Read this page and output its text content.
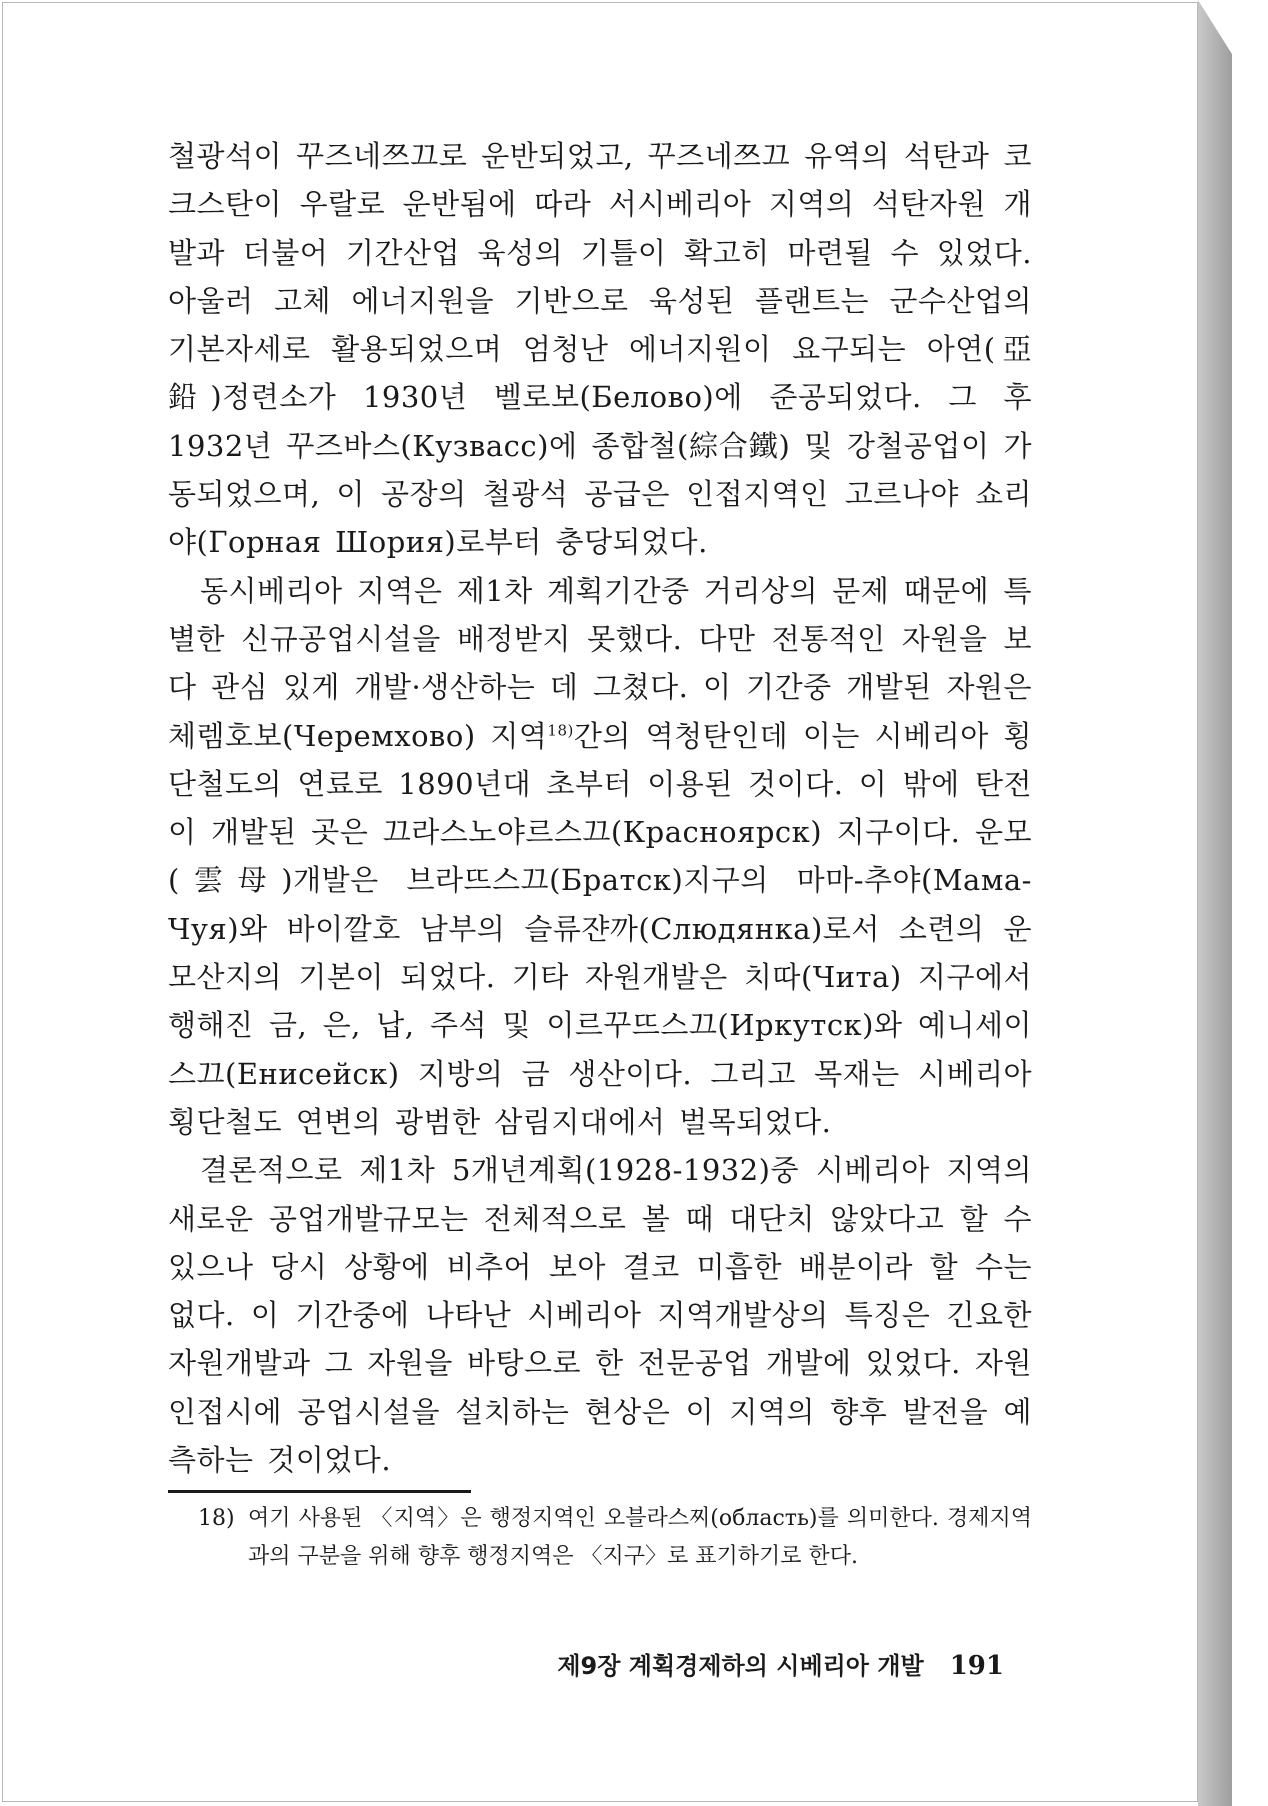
철광석이 꾸즈네쯔끄로 운반되었고, 꾸즈네쯔끄 유역의 석탄과 코크스탄이 우랄로 운반됨에 따라 서시베리아 지역의 석탄자원 개발과 더불어 기간산업 육성의 기틀이 확고히 마련될 수 있었다. 아울러 고체 에너지원을 기반으로 육성된 플랜트는 군수산업의 기본자세로 활용되었으며 엄청난 에너지원이 요구되는 아연(亞鉛)정련소가 1930년 벨로보(Белово)에 준공되었다. 그 후 1932년 꾸즈바스(Кузвасс)에 종합철(綜合鐵) 및 강철공업이 가동되었으며, 이 공장의 철광석 공급은 인접지역인 고르나야 쇼리야(Горная Шория)로부터 충당되었다.

동시베리아 지역은 제1차 계획기간중 거리상의 문제 때문에 특별한 신규공업시설을 배정받지 못했다. 다만 전통적인 자원을 보다 관심 있게 개발·생산하는 데 그쳤다. 이 기간중 개발된 자원은 체렘호보(Черемхово) 지역$^{18)}$간의 역청탄인데 이는 시베리아 횡단철도의 연료로 1890년대 초부터 이용된 것이다. 이 밖에 탄전이 개발된 곳은 끄라스노야르스끄(Красноярск) 지구이다. 운모(雲母)개발은 브라뜨스끄(Братск)지구의 마마-추야(Мама-Чуя)와 바이깔호 남부의 슬류쟌까(Слюдянка)로서 소련의 운모산지의 기본이 되었다. 기타 자원개발은 치따(Чита) 지구에서 행해진 금, 은, 납, 주석 및 이르꾸뜨스끄(Иркутск)와 예니세이스끄(Енисейск) 지방의 금 생산이다. 그리고 목재는 시베리아 횡단철도 연변의 광범한 삼림지대에서 벌목되었다.

결론적으로 제1차 5개년계획(1928-1932)중 시베리아 지역의 새로운 공업개발규모는 전체적으로 볼 때 대단치 않았다고 할 수 있으나 당시 상황에 비추어 보아 결코 미흡한 배분이라 할 수는 없다. 이 기간중에 나타난 시베리아 지역개발상의 특징은 긴요한 자원개발과 그 자원을 바탕으로 한 전문공업 개발에 있었다. 자원인접시에 공업시설을 설치하는 현상은 이 지역의 향후 발전을 예측하는 것이었다.

18) 여기 사용된 〈지역〉은 행정지역인 오블라스찌(область)를 의미한다. 경제지역과의 구분을 위해 향후 행정지역은 〈지구〉로 표기하기로 한다.
제9장 계획경제하의 시베리아 개발 191
